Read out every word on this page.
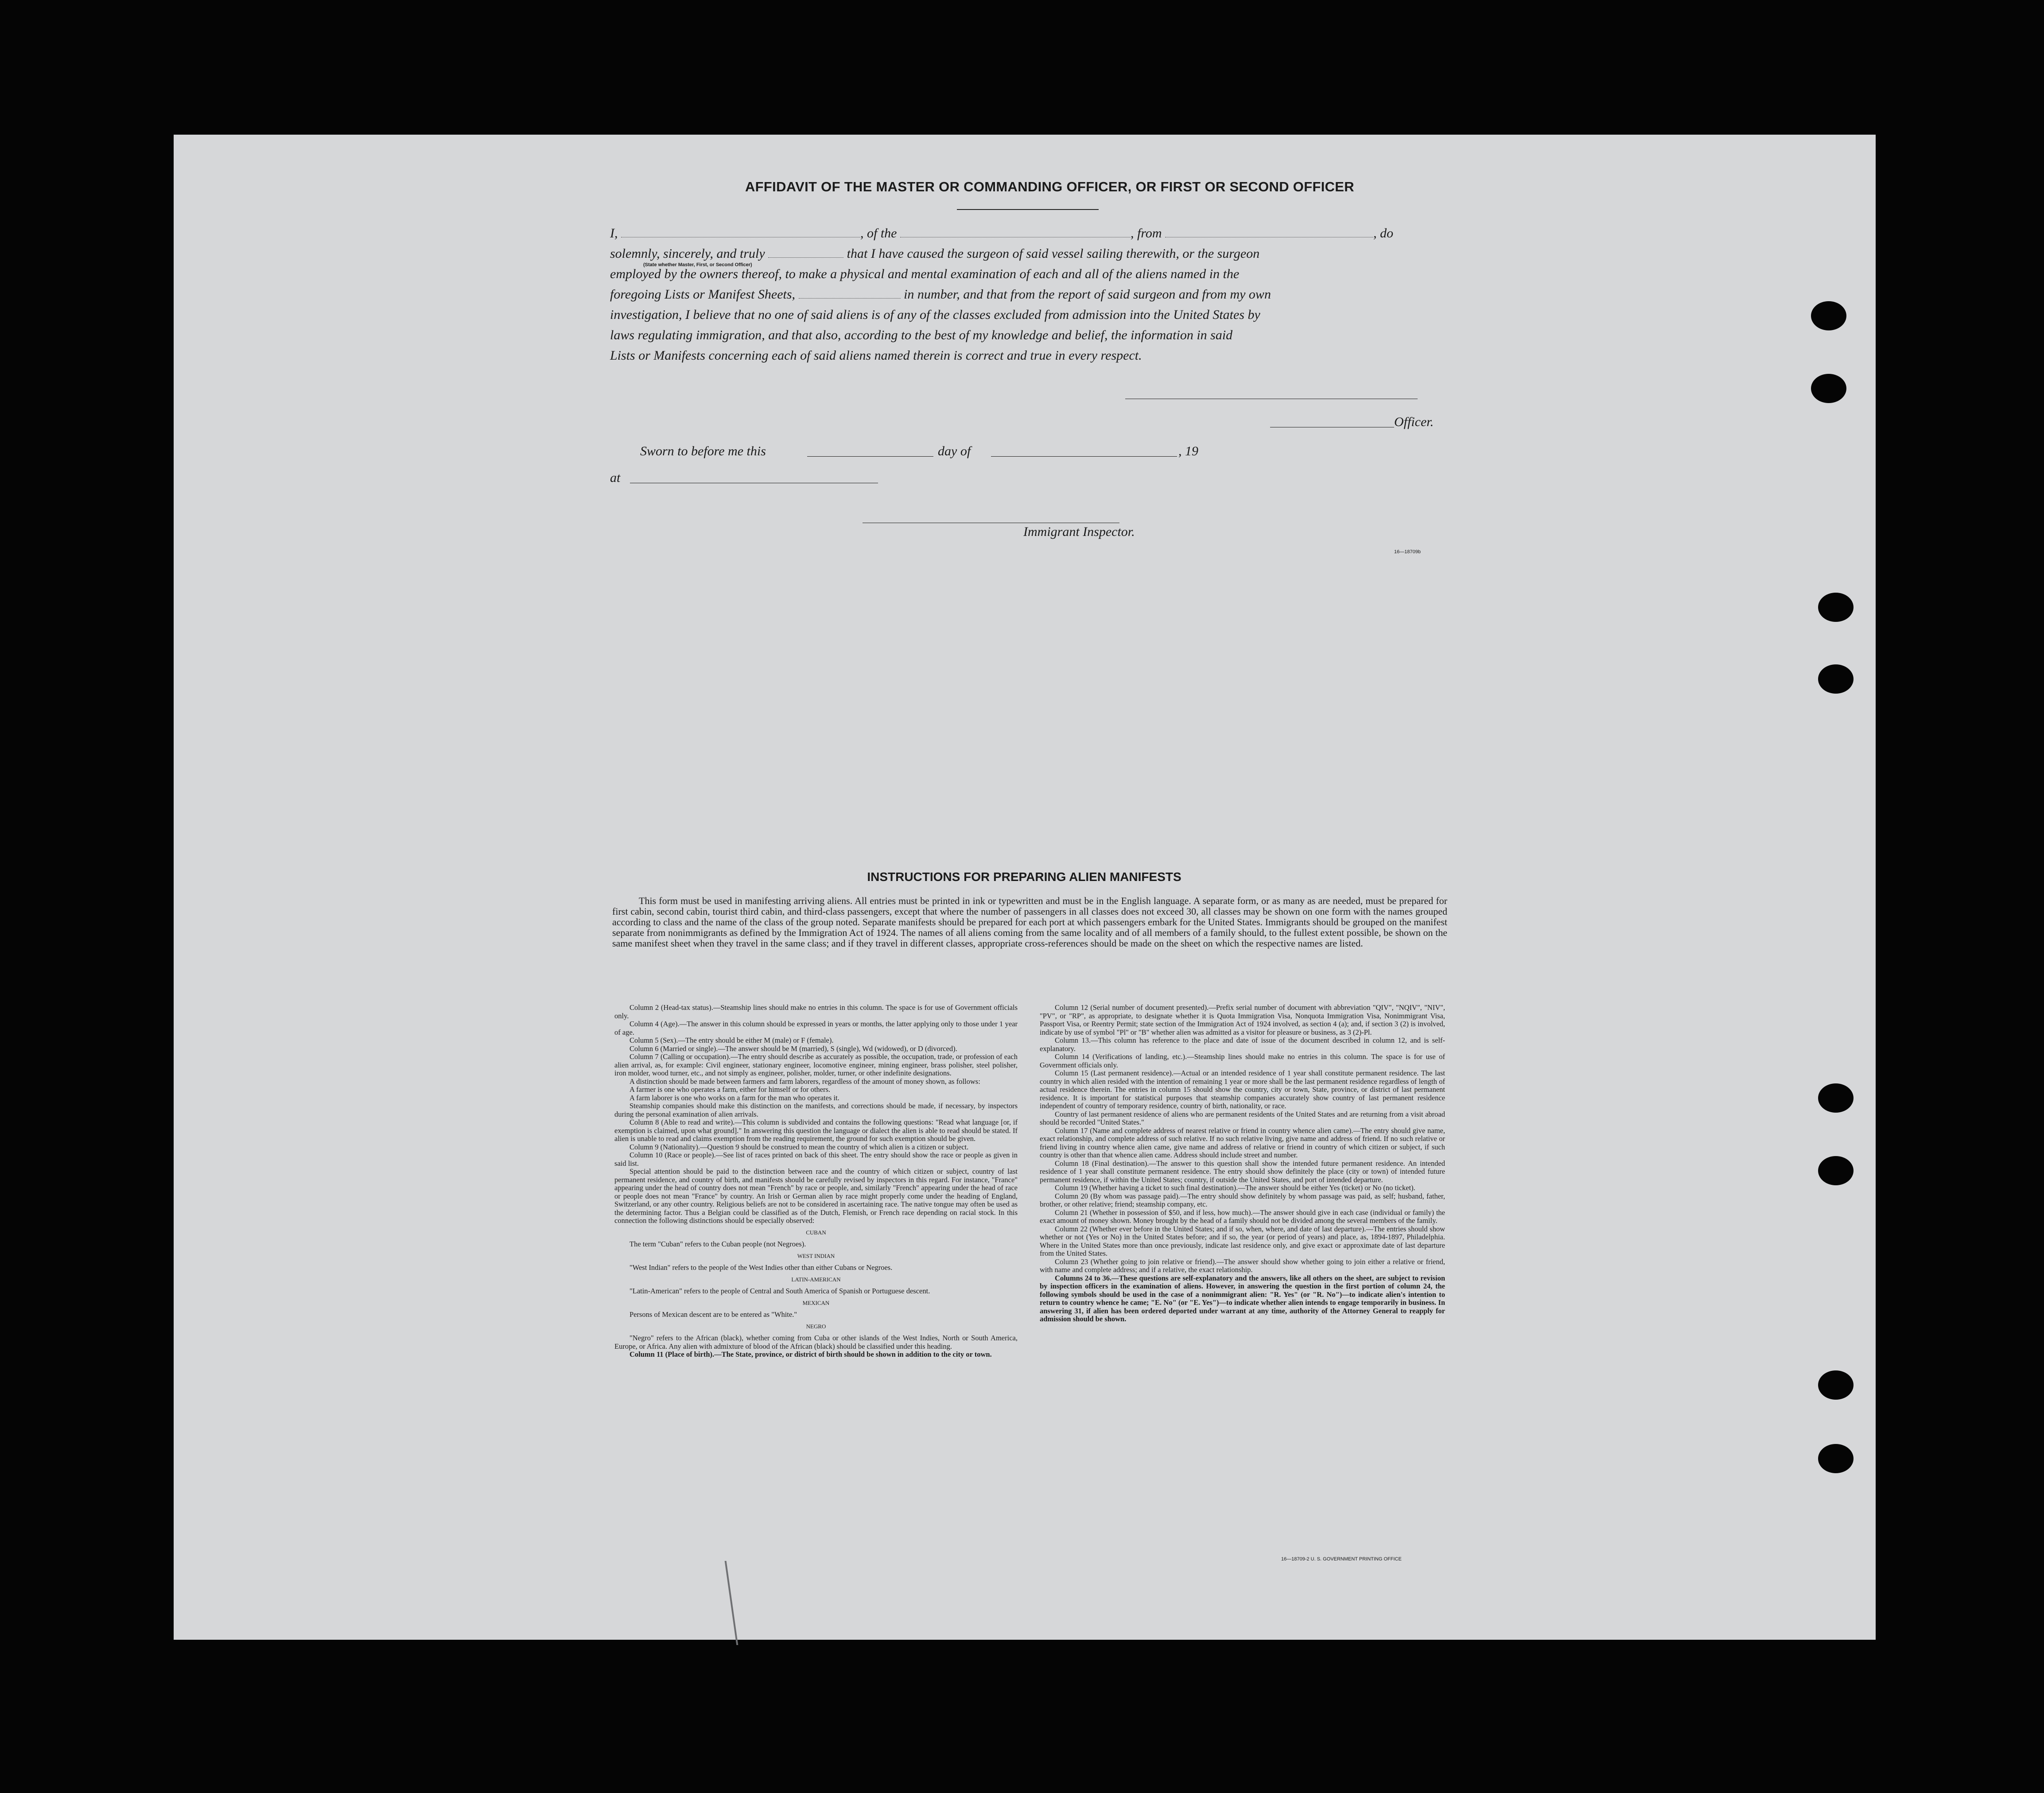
AFFIDAVIT OF THE MASTER OR COMMANDING OFFICER, OR FIRST OR SECOND OFFICER
I,
(State whether Master, First, or Second Officer)
, of the	, from	, do
solemnly, sincerely, and truly	that I have caused the surgeon of said vessel sailing therewith, or the surgeon
employed by the owners thereof, to make a physical and mental examination of each and all of the aliens named in the
foregoing Lists or Manifest Sheets,	in number, and that from the report of said surgeon and from my own
investigation, I believe that no one of said aliens is of any of the classes excluded from admission into the United States by
laws regulating immigration, and that also, according to the best of my knowledge and belief, the information in said
Lists or Manifests concerning each of said aliens named therein is correct and true in every respect.
Officer.
Sworn to before me this	day of	, 19
at
Immigrant Inspector.
16—18709b
INSTRUCTIONS FOR PREPARING ALIEN MANIFESTS
This form must be used in manifesting arriving aliens. All entries must be printed in ink or typewritten and must be in the English language. A separate form, or as many as are needed, must be prepared for first cabin, second cabin, tourist third cabin, and third-class passengers, except that where the number of passengers in all classes does not exceed 30, all classes may be shown on one form with the names grouped according to class and the name of the class of the group noted. Separate manifests should be prepared for each port at which passengers embark for the United States. Immigrants should be grouped on the manifest separate from nonimmigrants as defined by the Immigration Act of 1924. The names of all aliens coming from the same locality and of all members of a family should, to the fullest extent possible, be shown on the same manifest sheet when they travel in the same class; and if they travel in different classes, appropriate cross-references should be made on the sheet on which the respective names are listed.

Column 2 (Head-tax status).—Steamship lines should make no entries in this column. The space is for use of Government officials only.

Column 4 (Age).—The answer in this column should be expressed in years or months, the latter applying only to those under 1 year of age.

Column 5 (Sex).—The entry should be either M (male) or F (female).

Column 6 (Married or single).—The answer should be M (married), S (single), Wd (widowed), or D (divorced).

Column 7 (Calling or occupation).—The entry should describe as accurately as possible, the occupation, trade, or profession of each alien arrival, as, for example: Civil engineer, stationary engineer, locomotive engineer, mining engineer, brass polisher, steel polisher, iron molder, wood turner, etc., and not simply as engineer, polisher, molder, turner, or other indefinite designations.

A distinction should be made between farmers and farm laborers, regardless of the amount of money shown, as follows:

A farmer is one who operates a farm, either for himself or for others.

A farm laborer is one who works on a farm for the man who operates it.

Steamship companies should make this distinction on the manifests, and corrections should be made, if necessary, by inspectors during the personal examination of alien arrivals.

Column 8 (Able to read and write).—This column is subdivided and contains the following questions: "Read what language [or, if exemption is claimed, upon what ground]." In answering this question the language or dialect the alien is able to read should be stated. If alien is unable to read and claims exemption from the reading requirement, the ground for such exemption should be given.

Column 9 (Nationality).—Question 9 should be construed to mean the country of which alien is a citizen or subject.

Column 10 (Race or people).—See list of races printed on back of this sheet. The entry should show the race or people as given in said list.

Special attention should be paid to the distinction between race and the country of which citizen or subject, country of last permanent residence, and country of birth, and manifests should be carefully revised by inspectors in this regard. For instance, "France" appearing under the head of country does not mean "French" by race or people, and, similarly "French" appearing under the head of race or people does not mean "France" by country. An Irish or German alien by race might properly come under the heading of England, Switzerland, or any other country. Religious beliefs are not to be considered in ascertaining race. The native tongue may often be used as the determining factor. Thus a Belgian could be classified as of the Dutch, Flemish, or French race depending on racial stock. In this connection the following distinctions should be especially observed:

CUBAN

The term "Cuban" refers to the Cuban people (not Negroes).

WEST INDIAN

"West Indian" refers to the people of the West Indies other than either Cubans or Negroes.

LATIN-AMERICAN

"Latin-American" refers to the people of Central and South America of Spanish or Portuguese descent.

MEXICAN

Persons of Mexican descent are to be entered as "White."

NEGRO

"Negro" refers to the African (black), whether coming from Cuba or other islands of the West Indies, North or South America, Europe, or Africa. Any alien with admixture of blood of the African (black) should be classified under this heading.

Column 11 (Place of birth).—The State, province, or district of birth should be shown in addition to the city or town.

Column 12 (Serial number of document presented).—Prefix serial number of document with abbreviation "QIV", "NQIV", "NIV", "PV", or "RP", as appropriate, to designate whether it is Quota Immigration Visa, Nonquota Immigration Visa, Nonimmigrant Visa, Passport Visa, or Reentry Permit; state section of the Immigration Act of 1924 involved, as section 4 (a); and, if section 3 (2) is involved, indicate by use of symbol "Pl" or "B" whether alien was admitted as a visitor for pleasure or business, as 3 (2)-Pl.

Column 13.—This column has reference to the place and date of issue of the document described in column 12, and is self-explanatory.

Column 14 (Verifications of landing, etc.).—Steamship lines should make no entries in this column. The space is for use of Government officials only.

Column 15 (Last permanent residence).—Actual or an intended residence of 1 year shall constitute permanent residence. The last country in which alien resided with the intention of remaining 1 year or more shall be the last permanent residence regardless of length of actual residence therein. The entries in column 15 should show the country, city or town, State, province, or district of last permanent residence. It is important for statistical purposes that steamship companies accurately show country of last permanent residence independent of country of temporary residence, country of birth, nationality, or race.

Country of last permanent residence of aliens who are permanent residents of the United States and are returning from a visit abroad should be recorded "United States."

Column 17 (Name and complete address of nearest relative or friend in country whence alien came).—The entry should give name, exact relationship, and complete address of such relative. If no such relative living, give name and address of friend. If no such relative or friend living in country whence alien came, give name and address of relative or friend in country of which citizen or subject, if such country is other than that whence alien came. Address should include street and number.

Column 18 (Final destination).—The answer to this question shall show the intended future permanent residence. An intended residence of 1 year shall constitute permanent residence. The entry should show definitely the place (city or town) of intended future permanent residence, if within the United States; country, if outside the United States, and port of intended departure.

Column 19 (Whether having a ticket to such final destination).—The answer should be either Yes (ticket) or No (no ticket).

Column 20 (By whom was passage paid).—The entry should show definitely by whom passage was paid, as self; husband, father, brother, or other relative; friend; steamship company, etc.

Column 21 (Whether in possession of $50, and if less, how much).—The answer should give in each case (individual or family) the exact amount of money shown. Money brought by the head of a family should not be divided among the several members of the family.

Column 22 (Whether ever before in the United States; and if so, when, where, and date of last departure).—The entries should show whether or not (Yes or No) in the United States before; and if so, the year (or period of years) and place, as, 1894-1897, Philadelphia. Where in the United States more than once previously, indicate last residence only, and give exact or approximate date of last departure from the United States.

Column 23 (Whether going to join relative or friend).—The answer should show whether going to join either a relative or friend, with name and complete address; and if a relative, the exact relationship.

Columns 24 to 36.—These questions are self-explanatory and the answers, like all others on the sheet, are subject to revision by inspection officers in the examination of aliens. However, in answering the question in the first portion of column 24, the following symbols should be used in the case of a nonimmigrant alien: "R. Yes" (or "R. No")—to indicate alien's intention to return to country whence he came; "E. No" (or "E. Yes")—to indicate whether alien intends to engage temporarily in business. In answering 31, if alien has been ordered deported under warrant at any time, authority of the Attorney General to reapply for admission should be shown.

16—18709-2 U. S. GOVERNMENT PRINTING OFFICE
